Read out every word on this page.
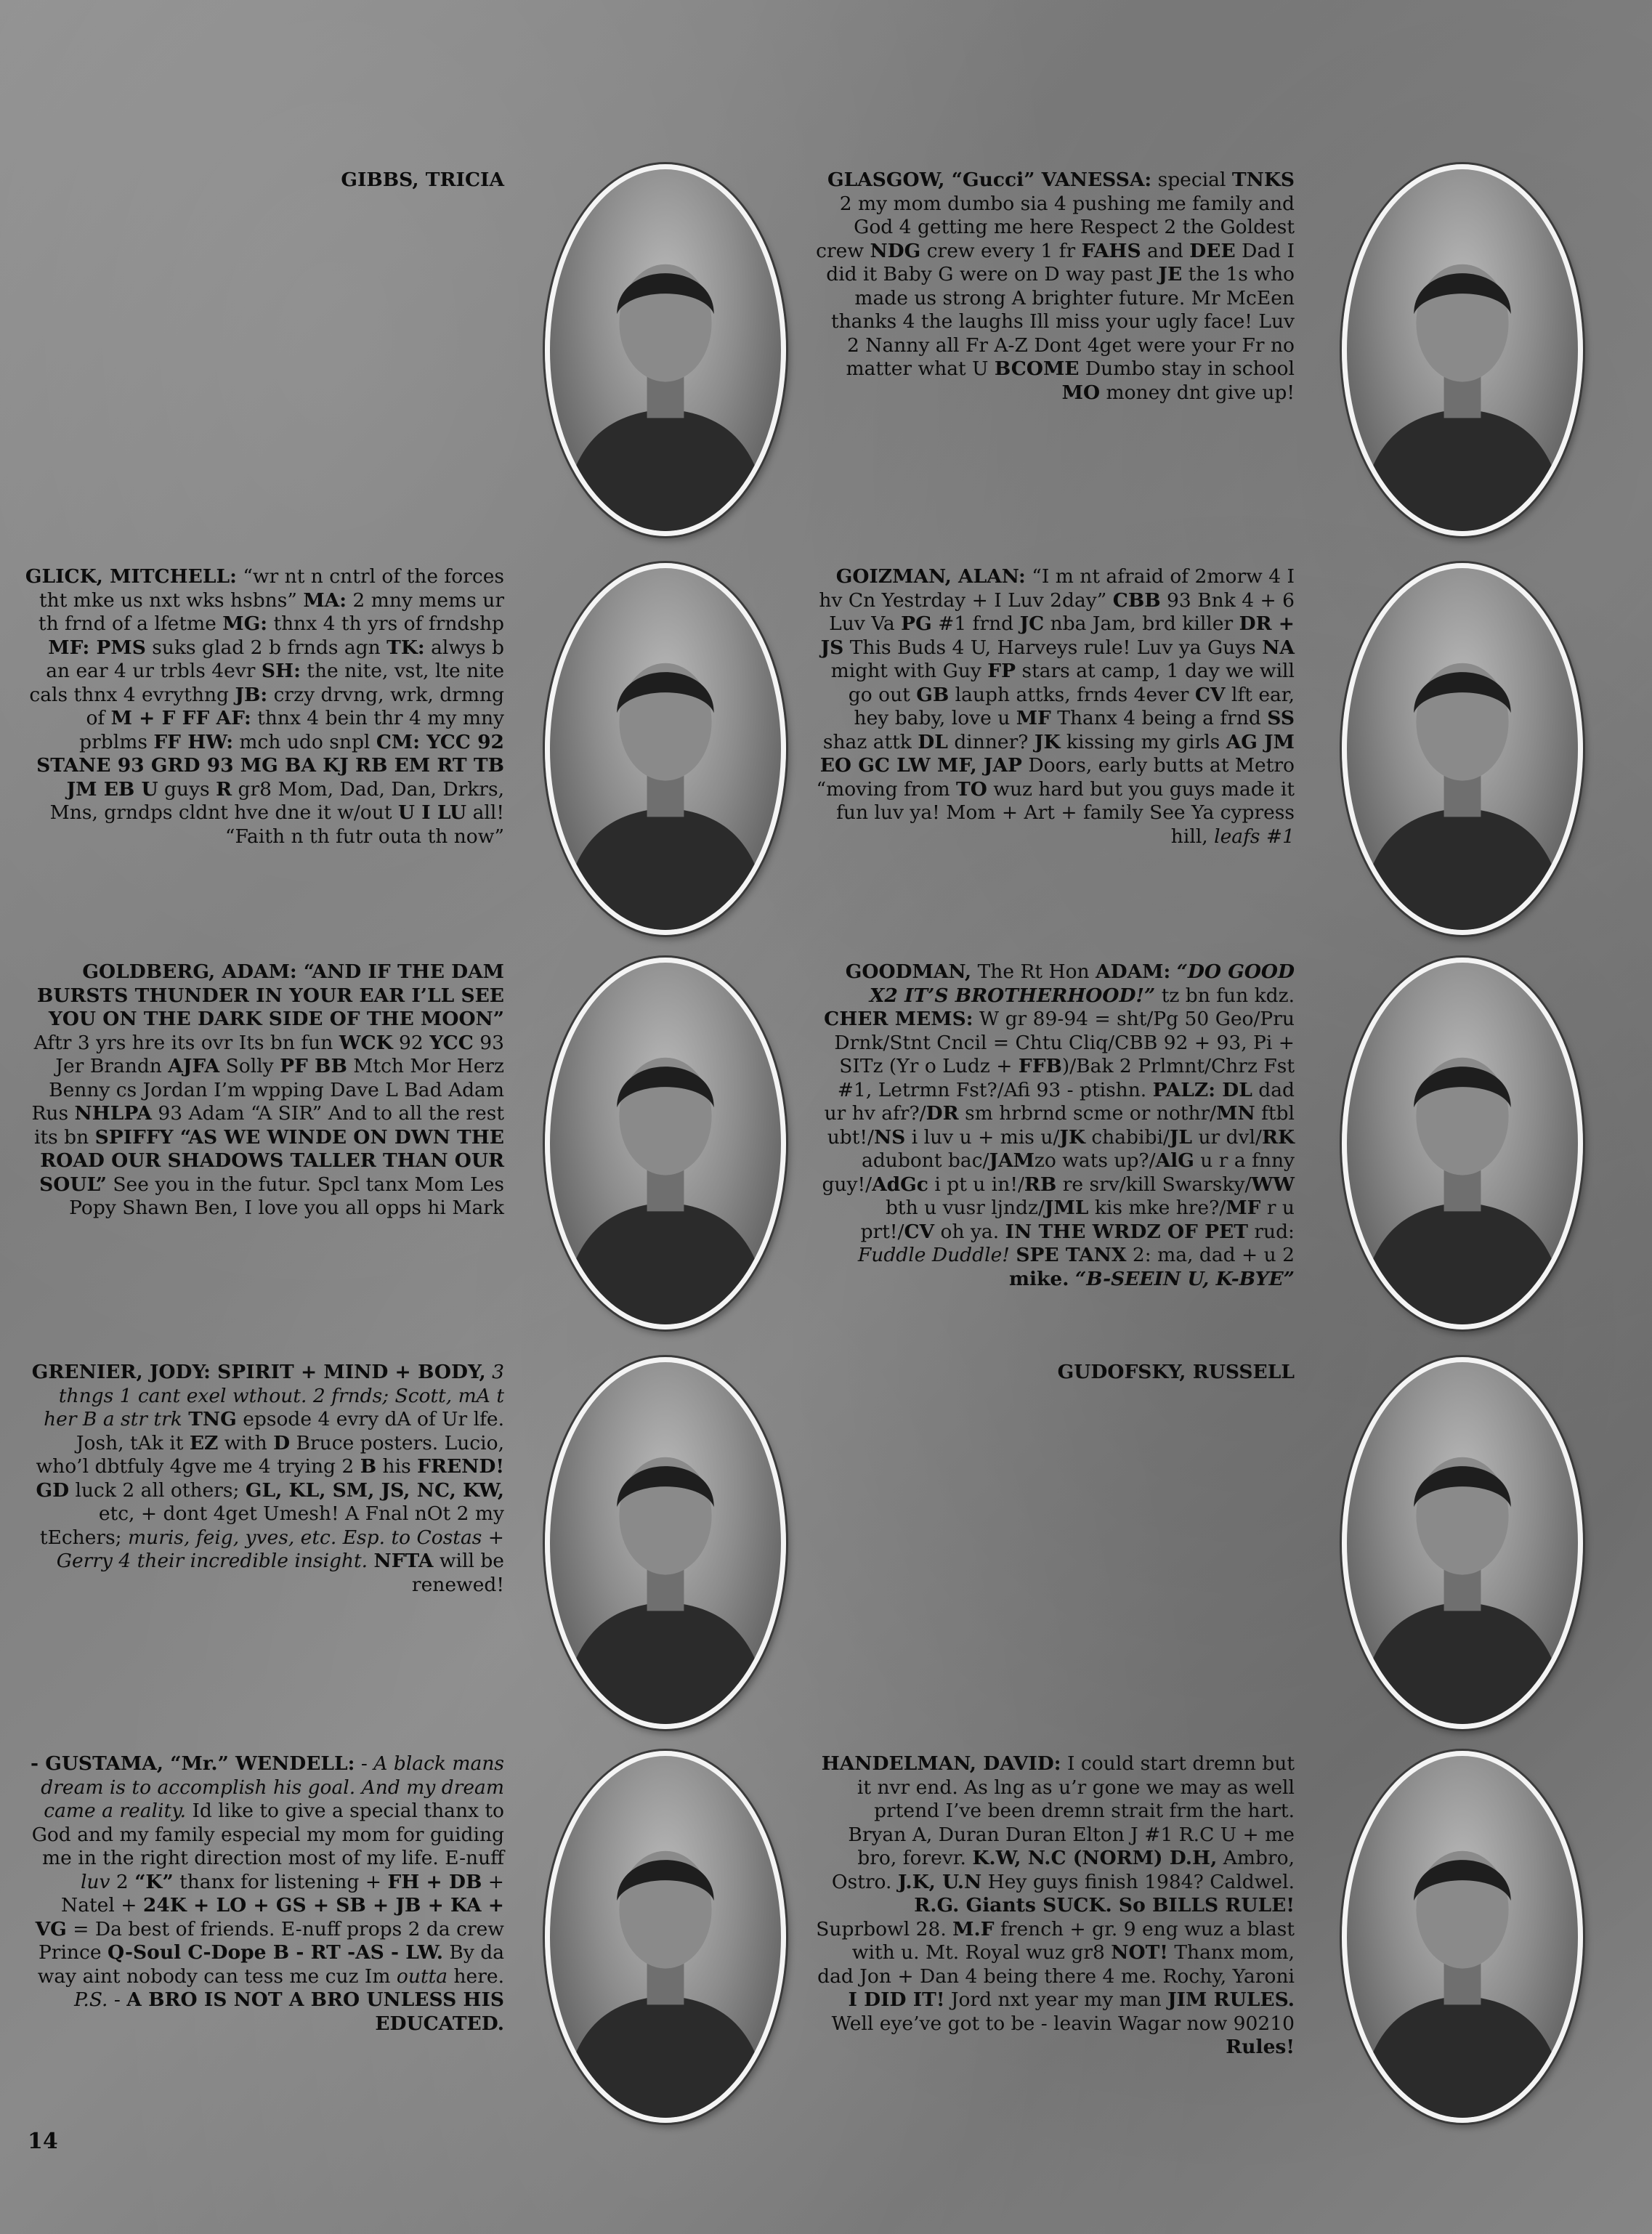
GIBBS, TRICIA
GLICK, MITCHELL: “wr nt n cntrl of the forces tht mke us nxt wks hsbns” MA: 2 mny mems ur th frnd of a lfetme MG: thnx 4 th yrs of frndshp MF: PMS suks glad 2 b frnds agn TK: alwys b an ear 4 ur trbls 4evr SH: the nite, vst, lte nite cals thnx 4 evrythng JB: crzy drvng, wrk, drmng of M + F FF AF: thnx 4 bein thr 4 my mny prblms FF HW: mch udo snpl CM: YCC 92 STANE 93 GRD 93 MG BA KJ RB EM RT TB JM EB U guys R gr8 Mom, Dad, Dan, Drkrs, Mns, grndps cldnt hve dne it w/out U I LU all! “Faith n th futr outa th now”
GOLDBERG, ADAM: “AND IF THE DAM BURSTS THUNDER IN YOUR EAR I’LL SEE YOU ON THE DARK SIDE OF THE MOON” Aftr 3 yrs hre its ovr Its bn fun WCK 92 YCC 93 Jer Brandn AJFA Solly PF BB Mtch Mor Herz Benny cs Jordan I’m wpping Dave L Bad Adam Rus NHLPA 93 Adam “A SIR” And to all the rest its bn SPIFFY “AS WE WINDE ON DWN THE ROAD OUR SHADOWS TALLER THAN OUR SOUL” See you in the futur. Spcl tanx Mom Les Popy Shawn Ben, I love you all opps hi Mark
GRENIER, JODY: SPIRIT + MIND + BODY, 3 thngs 1 cant exel wthout. 2 frnds; Scott, mA t her B a str trk TNG epsode 4 evry dA of Ur lfe. Josh, tAk it EZ with D Bruce posters. Lucio, who’l dbtfuly 4gve me 4 trying 2 B his FREND! GD luck 2 all others; GL, KL, SM, JS, NC, KW, etc, + dont 4get Umesh! A Fnal nOt 2 my tEchers; muris, feig, yves, etc. Esp. to Costas + Gerry 4 their incredible insight. NFTA will be renewed!
- GUSTAMA, “Mr.” WENDELL: - A black mans dream is to accomplish his goal. And my dream came a reality. Id like to give a special thanx to God and my family especial my mom for guiding me in the right direction most of my life. E-nuff luv 2 “K” thanx for listening + FH + DB + Natel + 24K + LO + GS + SB + JB + KA + VG = Da best of friends. E-nuff props 2 da crew Prince Q-Soul C-Dope B - RT -AS - LW. By da way aint nobody can tess me cuz Im outta here. P.S. - A BRO IS NOT A BRO UNLESS HIS EDUCATED.
GLASGOW, “Gucci” VANESSA: special TNKS 2 my mom dumbo sia 4 pushing me family and God 4 getting me here Respect 2 the Goldest crew NDG crew every 1 fr FAHS and DEE Dad I did it Baby G were on D way past JE the 1s who made us strong A brighter future. Mr McEen thanks 4 the laughs Ill miss your ugly face! Luv 2 Nanny all Fr A-Z Dont 4get were your Fr no matter what U BCOME Dumbo stay in school MO money dnt give up!
GOIZMAN, ALAN: “I m nt afraid of 2morw 4 I hv Cn Yestrday + I Luv 2day” CBB 93 Bnk 4 + 6 Luv Va PG #1 frnd JC nba Jam, brd killer DR + JS This Buds 4 U, Harveys rule! Luv ya Guys NA might with Guy FP stars at camp, 1 day we will go out GB lauph attks, frnds 4ever CV lft ear, hey baby, love u MF Thanx 4 being a frnd SS shaz attk DL dinner? JK kissing my girls AG JM EO GC LW MF, JAP Doors, early butts at Metro “moving from TO wuz hard but you guys made it fun luv ya! Mom + Art + family See Ya cypress hill, leafs #1
GOODMAN, The Rt Hon ADAM: “DO GOOD X2 IT’S BROTHERHOOD!” tz bn fun kdz. CHER MEMS: W gr 89-94 = sht/Pg 50 Geo/Pru Drnk/Stnt Cncil = Chtu Cliq/CBB 92 + 93, Pi + SITz (Yr o Ludz + FFB)/Bak 2 Prlmnt/Chrz Fst #1, Letrmn Fst?/Afi 93 - ptishn. PALZ: DL dad ur hv afr?/DR sm hrbrnd scme or nothr/MN ftbl ubt!/NS i luv u + mis u/JK chabibi/JL ur dvl/RK adubont bac/JAMzo wats up?/AlG u r a fnny guy!/AdGc i pt u in!/RB re srv/kill Swarsky/WW bth u vusr ljndz/JML kis mke hre?/MF r u prt!/CV oh ya. IN THE WRDZ OF PET rud: Fuddle Duddle! SPE TANX 2: ma, dad + u 2 mike. “B-SEEIN U, K-BYE”
GUDOFSKY, RUSSELL
HANDELMAN, DAVID: I could start dremn but it nvr end. As lng as u’r gone we may as well prtend I’ve been dremn strait frm the hart. Bryan A, Duran Duran Elton J #1 R.C U + me bro, forevr. K.W, N.C (NORM) D.H, Ambro, Ostro. J.K, U.N Hey guys finish 1984? Caldwel. R.G. Giants SUCK. So BILLS RULE! Suprbowl 28. M.F french + gr. 9 eng wuz a blast with u. Mt. Royal wuz gr8 NOT! Thanx mom, dad Jon + Dan 4 being there 4 me. Rochy, Yaroni I DID IT! Jord nxt year my man JIM RULES. Well eye’ve got to be - leavin Wagar now 90210 Rules!
14
